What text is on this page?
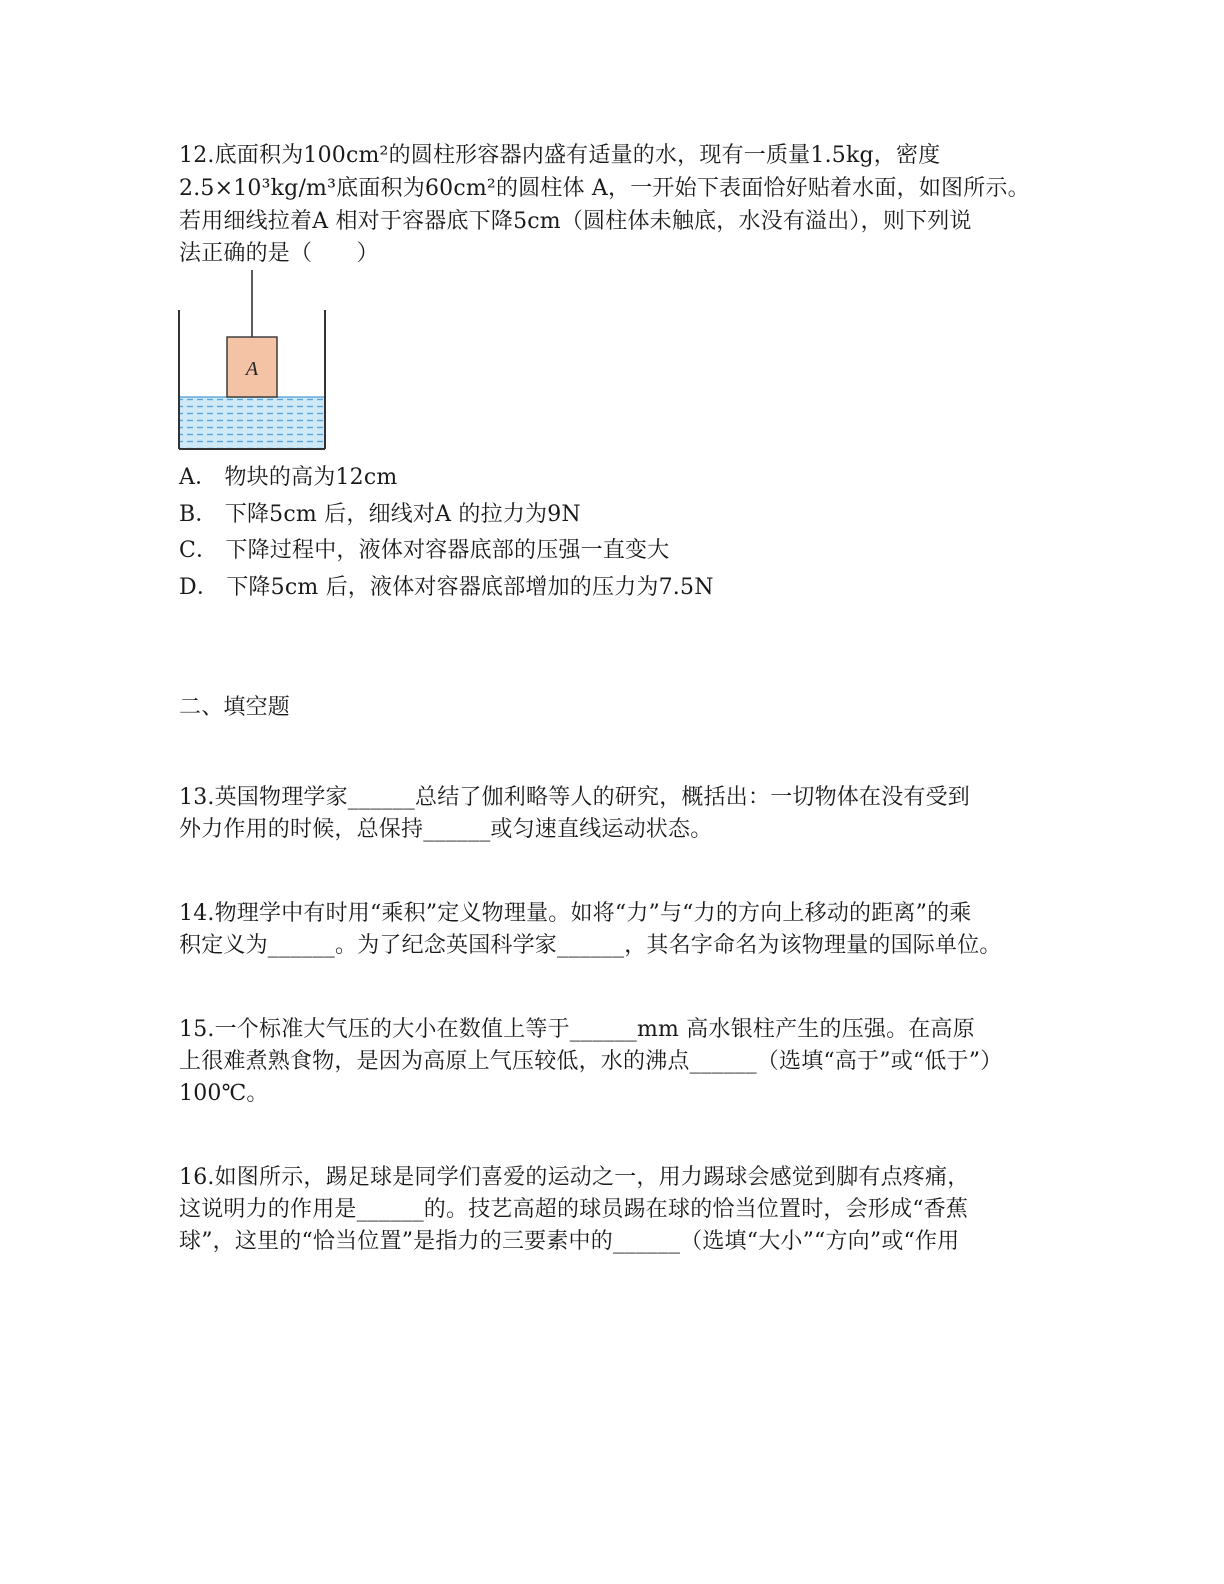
12.底面积为100cm²的圆柱形容器内盛有适量的水，现有一质量1.5kg，密度
2.5×10³kg/m³底面积为60cm²的圆柱体 A，一开始下表面恰好贴着水面，如图所示。
若用细线拉着A 相对于容器底下降5cm（圆柱体未触底，水没有溢出），则下列说
法正确的是（　　）
A
A． 物块的高为12cm
B． 下降5cm 后，细线对A 的拉力为9N
C． 下降过程中，液体对容器底部的压强一直变大
D． 下降5cm 后，液体对容器底部增加的压力为7.5N
二、填空题
13.英国物理学家______总结了伽利略等人的研究，概括出：一切物体在没有受到
外力作用的时候，总保持______或匀速直线运动状态。
14.物理学中有时用“乘积”定义物理量。如将“力”与“力的方向上移动的距离”的乘
积定义为______。为了纪念英国科学家______，其名字命名为该物理量的国际单位。
15.一个标准大气压的大小在数值上等于______mm 高水银柱产生的压强。在高原
上很难煮熟食物，是因为高原上气压较低，水的沸点______（选填“高于”或“低于”）
100℃。
16.如图所示，踢足球是同学们喜爱的运动之一，用力踢球会感觉到脚有点疼痛，
这说明力的作用是______的。技艺高超的球员踢在球的恰当位置时，会形成“香蕉
球”，这里的“恰当位置”是指力的三要素中的______（选填“大小”“方向”或“作用
